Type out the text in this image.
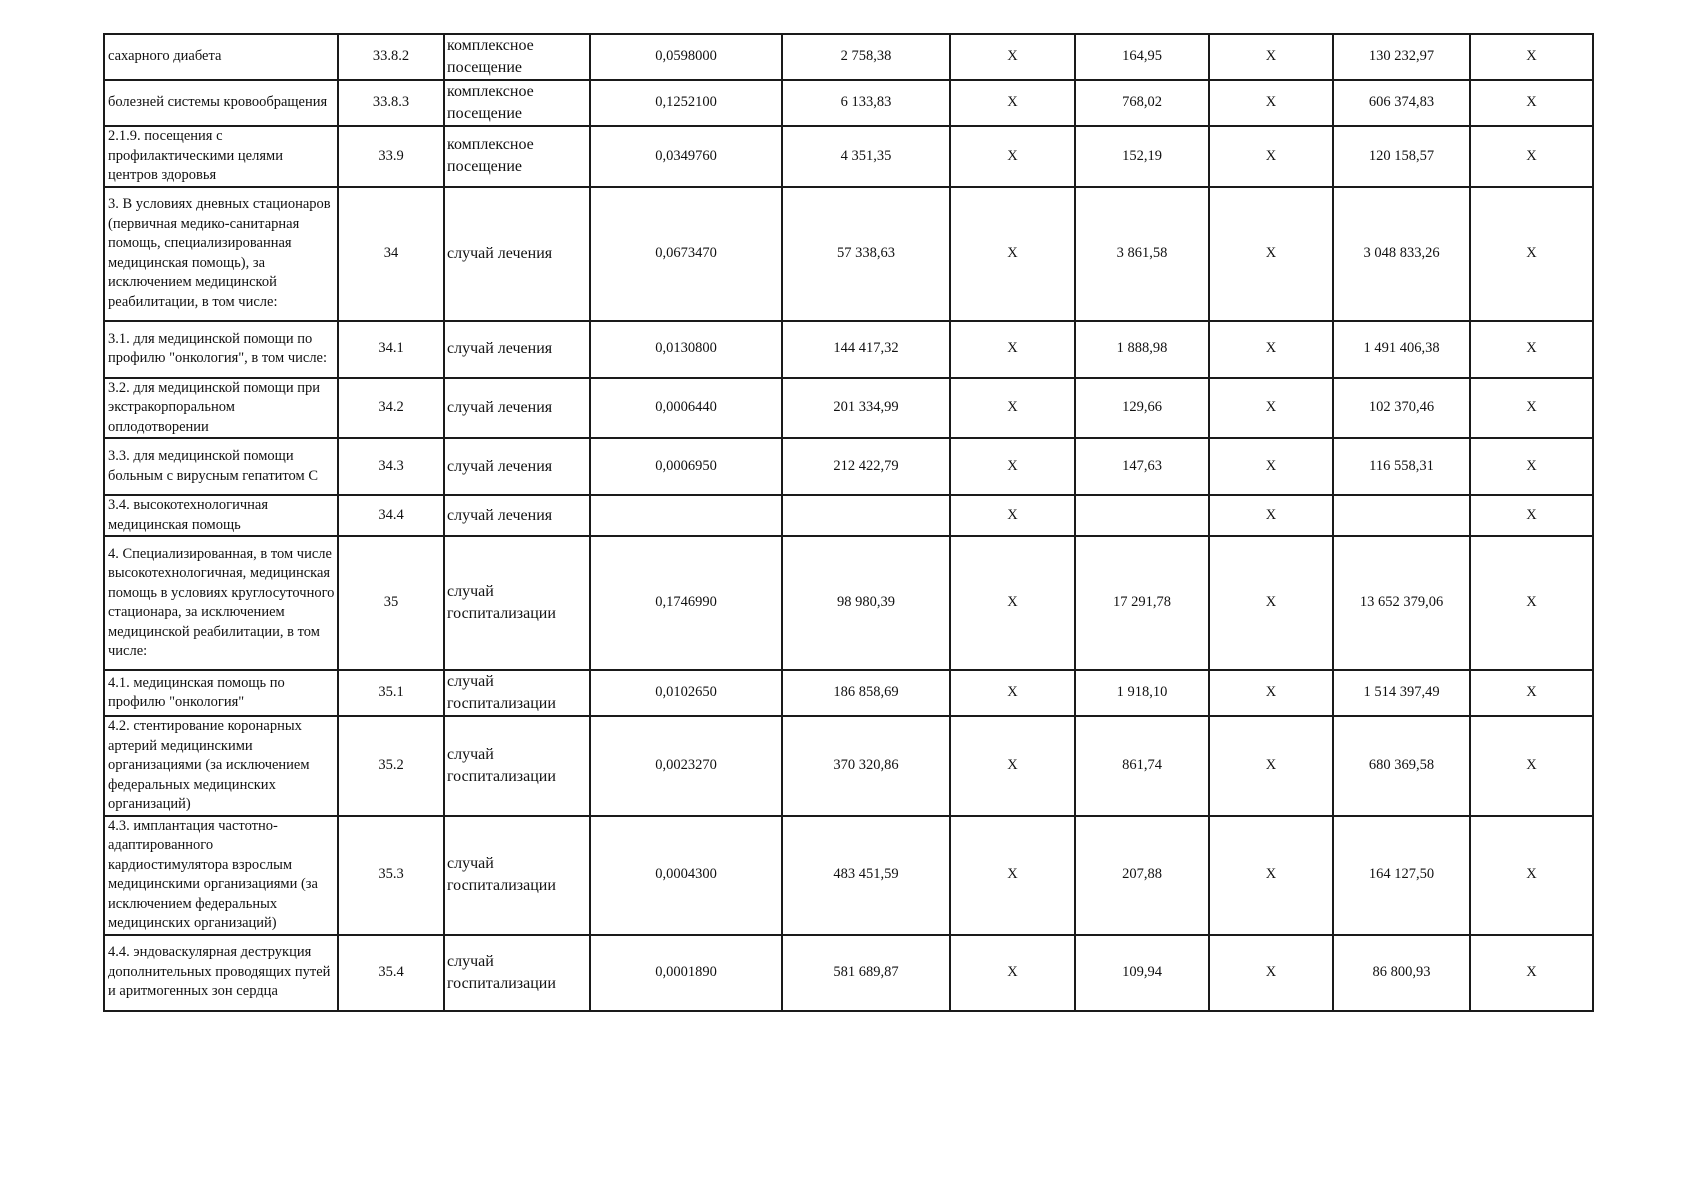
сахарного диабета	33.8.2	комплексное посещение	0,0598000	2 758,38	X	164,95	X	130 232,97	X
болезней системы кровообращения	33.8.3	комплексное посещение	0,1252100	6 133,83	X	768,02	X	606 374,83	X
2.1.9. посещения с профилактическими целями центров здоровья	33.9	комплексное посещение	0,0349760	4 351,35	X	152,19	X	120 158,57	X
3. В условиях дневных стационаров (первичная медико-санитарная помощь, специализированная медицинская помощь), за исключением медицинской реабилитации, в том числе:	34	случай лечения	0,0673470	57 338,63	X	3 861,58	X	3 048 833,26	X
3.1. для медицинской помощи по профилю "онкология", в том числе:	34.1	случай лечения	0,0130800	144 417,32	X	1 888,98	X	1 491 406,38	X
3.2. для медицинской помощи при экстракорпоральном оплодотворении	34.2	случай лечения	0,0006440	201 334,99	X	129,66	X	102 370,46	X
3.3. для медицинской помощи больным с вирусным гепатитом С	34.3	случай лечения	0,0006950	212 422,79	X	147,63	X	116 558,31	X
3.4. высокотехнологичная медицинская помощь	34.4	случай лечения			X		X		X
4. Специализированная, в том числе высокотехнологичная, медицинская помощь в условиях круглосуточного стационара, за исключением медицинской реабилитации, в том числе:	35	случай госпитализации	0,1746990	98 980,39	X	17 291,78	X	13 652 379,06	X
4.1. медицинская помощь по профилю "онкология"	35.1	случай госпитализации	0,0102650	186 858,69	X	1 918,10	X	1 514 397,49	X
4.2. стентирование коронарных артерий медицинскими организациями (за исключением федеральных медицинских организаций)	35.2	случай госпитализации	0,0023270	370 320,86	X	861,74	X	680 369,58	X
4.3. имплантация частотно-адаптированного кардиостимулятора взрослым медицинскими организациями (за исключением федеральных медицинских организаций)	35.3	случай госпитализации	0,0004300	483 451,59	X	207,88	X	164 127,50	X
4.4. эндоваскулярная деструкция дополнительных проводящих путей и аритмогенных зон сердца	35.4	случай госпитализации	0,0001890	581 689,87	X	109,94	X	86 800,93	X
